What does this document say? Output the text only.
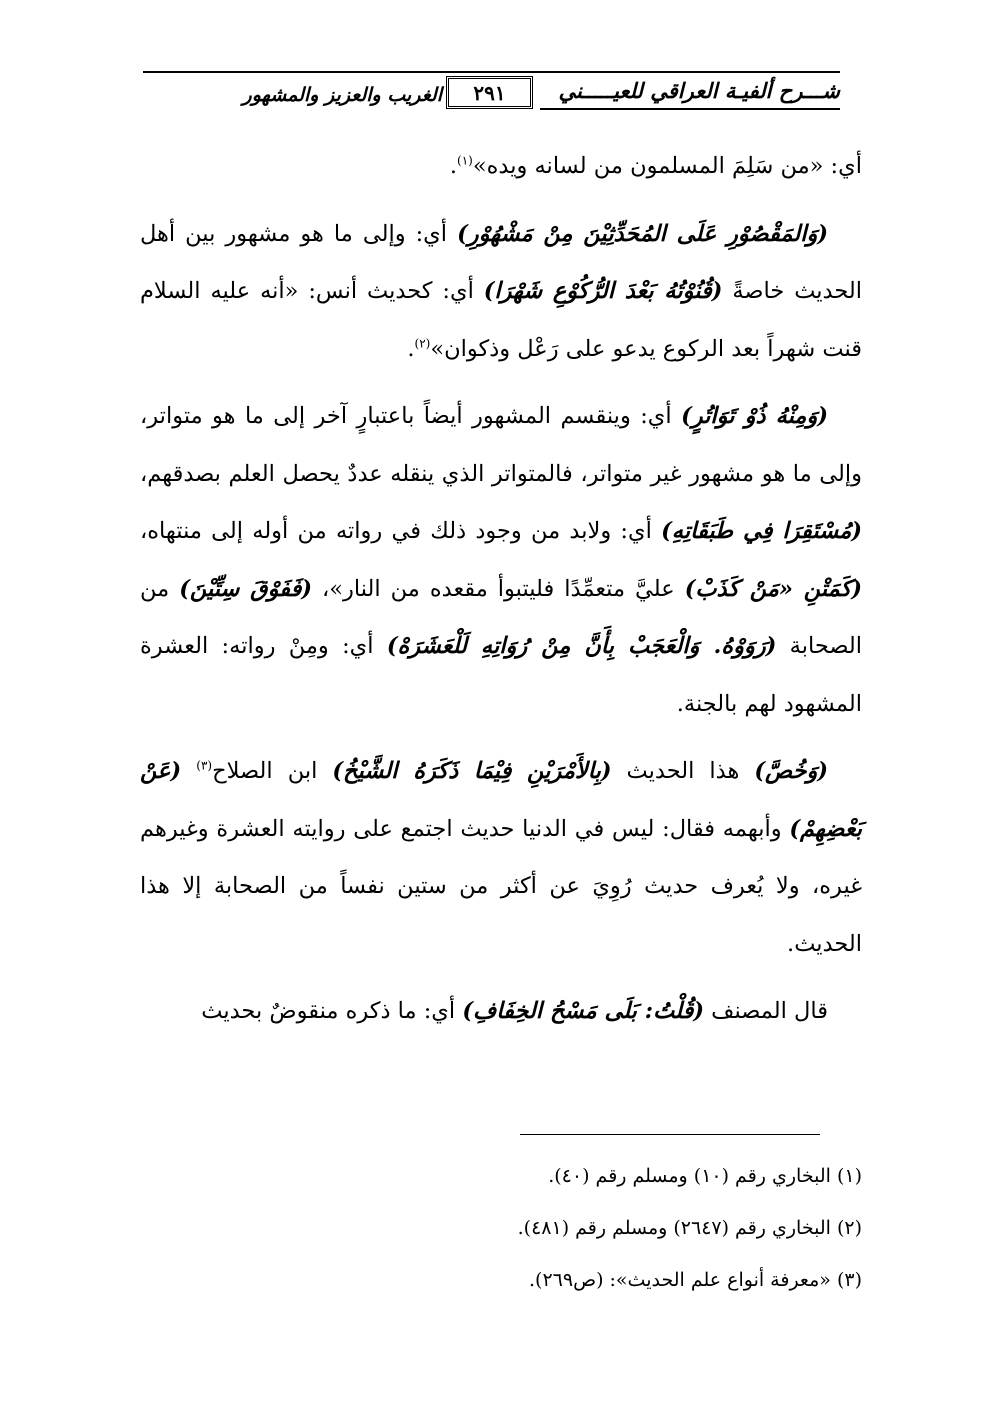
شـــرح ألفيـة العراقي للعيـــــني
٢٩١
الغريب والعزيز والمشهور

أي: «من سَلِمَ المسلمون من لسانه ويده»$^{(١)}$.

(وَالمَقْصُوْرِ عَلَى المُحَدِّثِيْنَ مِنْ مَشْهُوْرِ) أي: وإلى ما هو مشهور بين أهل الحديث خاصةً (قُنُوْتُهُ بَعْدَ الرُّكُوْعِ شَهْرَا) أي: كحديث أنس: «أنه عليه السلام قنت شهراً بعد الركوع يدعو على رَعْل وذكوان»$^{(٢)}$.

(وَمِنْهُ ذُوْ تَوَاتُرٍ) أي: وينقسم المشهور أيضاً باعتبارٍ آخر إلى ما هو متواتر، وإلى ما هو مشهور غير متواتر، فالمتواتر الذي ينقله عددٌ يحصل العلم بصدقهم، (مُسْتَقِرَا فِي طَبَقَاتِهِ) أي: ولابد من وجود ذلك في رواته من أوله إلى منتهاه، (كَمَتْنِ «مَنْ كَذَبْ) عليَّ متعمِّدًا فليتبوأ مقعده من النار»، (فَفَوْقَ سِتِّيْنَ) من الصحابة (رَوَوْهُ. وَالْعَجَبْ بِأَنَّ مِنْ رُوَاتِهِ لَلْعَشَرَهْ) أي: ومِنْ رواته: العشرة المشهود لهم بالجنة.

(وَخُصَّ) هذا الحديث (بِالأَمْرَيْنِ فِيْمَا ذَكَرَهُ الشَّيْخُ) ابن الصلاح$^{(٣)}$ (عَنْ بَعْضِهِمْ) وأبهمه فقال: ليس في الدنيا حديث اجتمع على روايته العشرة وغيرهم غيره، ولا يُعرف حديث رُوِيَ عن أكثر من ستين نفساً من الصحابة إلا هذا الحديث.

قال المصنف (قُلْتُ: بَلَى مَسْحُ الخِفَافِ) أي: ما ذكره منقوضٌ بحديث

(١) البخاري رقم (١٠) ومسلم رقم (٤٠).
(٢) البخاري رقم (٢٦٤٧) ومسلم رقم (٤٨١).
(٣) «معرفة أنواع علم الحديث»: (ص٢٦٩).
